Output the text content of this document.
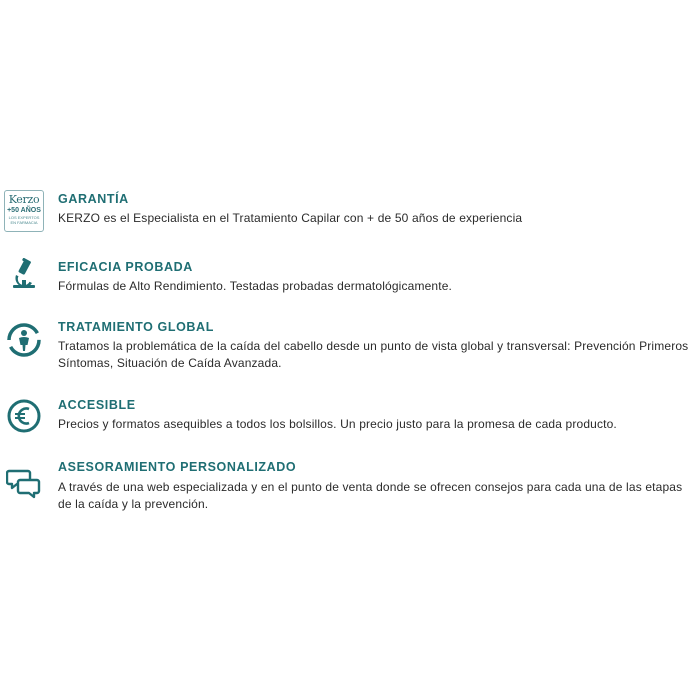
Kerzo
+50 AÑOS
LOS EXPERTOS EN FARMACIA
GARANTÍA
KERZO es el Especialista en el Tratamiento Capilar con + de 50 años de experiencia
EFICACIA PROBADA
Fórmulas de Alto Rendimiento. Testadas probadas dermatológicamente.
TRATAMIENTO GLOBAL
Tratamos la problemática de la caída del cabello desde un punto de vista global y transversal: Prevención Primeros Síntomas, Situación de Caída Avanzada.
ACCESIBLE
Precios y formatos asequibles a todos los bolsillos. Un precio justo para la promesa de cada producto.
ASESORAMIENTO PERSONALIZADO
A través de una web especializada y en el punto de venta donde se ofrecen consejos para cada una de las etapas de la caída y la prevención.
